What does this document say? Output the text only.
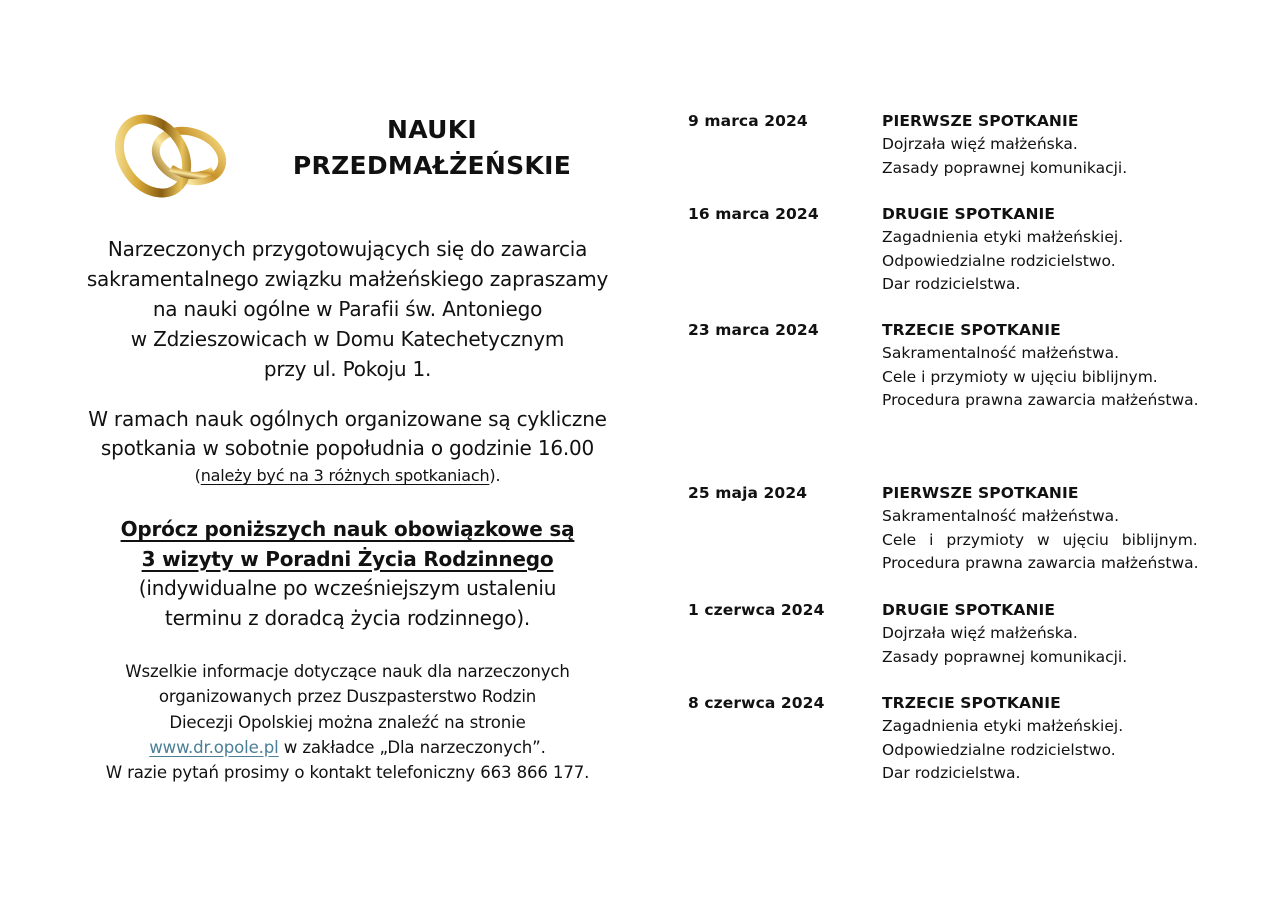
NAUKI
PRZEDMAŁŻEŃSKIE
Narzeczonych przygotowujących się do zawarcia
sakramentalnego związku małżeńskiego zapraszamy
na nauki ogólne w Parafii św. Antoniego
w Zdzieszowicach w Domu Katechetycznym
przy ul. Pokoju 1.
W ramach nauk ogólnych organizowane są cykliczne
spotkania w sobotnie popołudnia o godzinie 16.00
(należy być na 3 różnych spotkaniach).
Oprócz poniższych nauk obowiązkowe są
3 wizyty w Poradni Życia Rodzinnego
(indywidualne po wcześniejszym ustaleniu
terminu z doradcą życia rodzinnego).
Wszelkie informacje dotyczące nauk dla narzeczonych
organizowanych przez Duszpasterstwo Rodzin
Diecezji Opolskiej można znaleźć na stronie
www.dr.opole.pl w zakładce „Dla narzeczonych”.
W razie pytań prosimy o kontakt telefoniczny 663 866 177.
9 marca 2024	PIERWSZE SPOTKANIE
Dojrzała więź małżeńska.
Zasady poprawnej komunikacji.
16 marca 2024	DRUGIE SPOTKANIE
Zagadnienia etyki małżeńskiej.
Odpowiedzialne rodzicielstwo.
Dar rodzicielstwa.
23 marca 2024	TRZECIE SPOTKANIE
Sakramentalność małżeństwa.
Cele i przymioty w ujęciu biblijnym.
Procedura prawna zawarcia małżeństwa.
25 maja 2024	PIERWSZE SPOTKANIE
Sakramentalność małżeństwa.
Cele i przymioty w ujęciu biblijnym.
Procedura prawna zawarcia małżeństwa.
1 czerwca 2024	DRUGIE SPOTKANIE
Dojrzała więź małżeńska.
Zasady poprawnej komunikacji.
8 czerwca 2024	TRZECIE SPOTKANIE
Zagadnienia etyki małżeńskiej.
Odpowiedzialne rodzicielstwo.
Dar rodzicielstwa.
